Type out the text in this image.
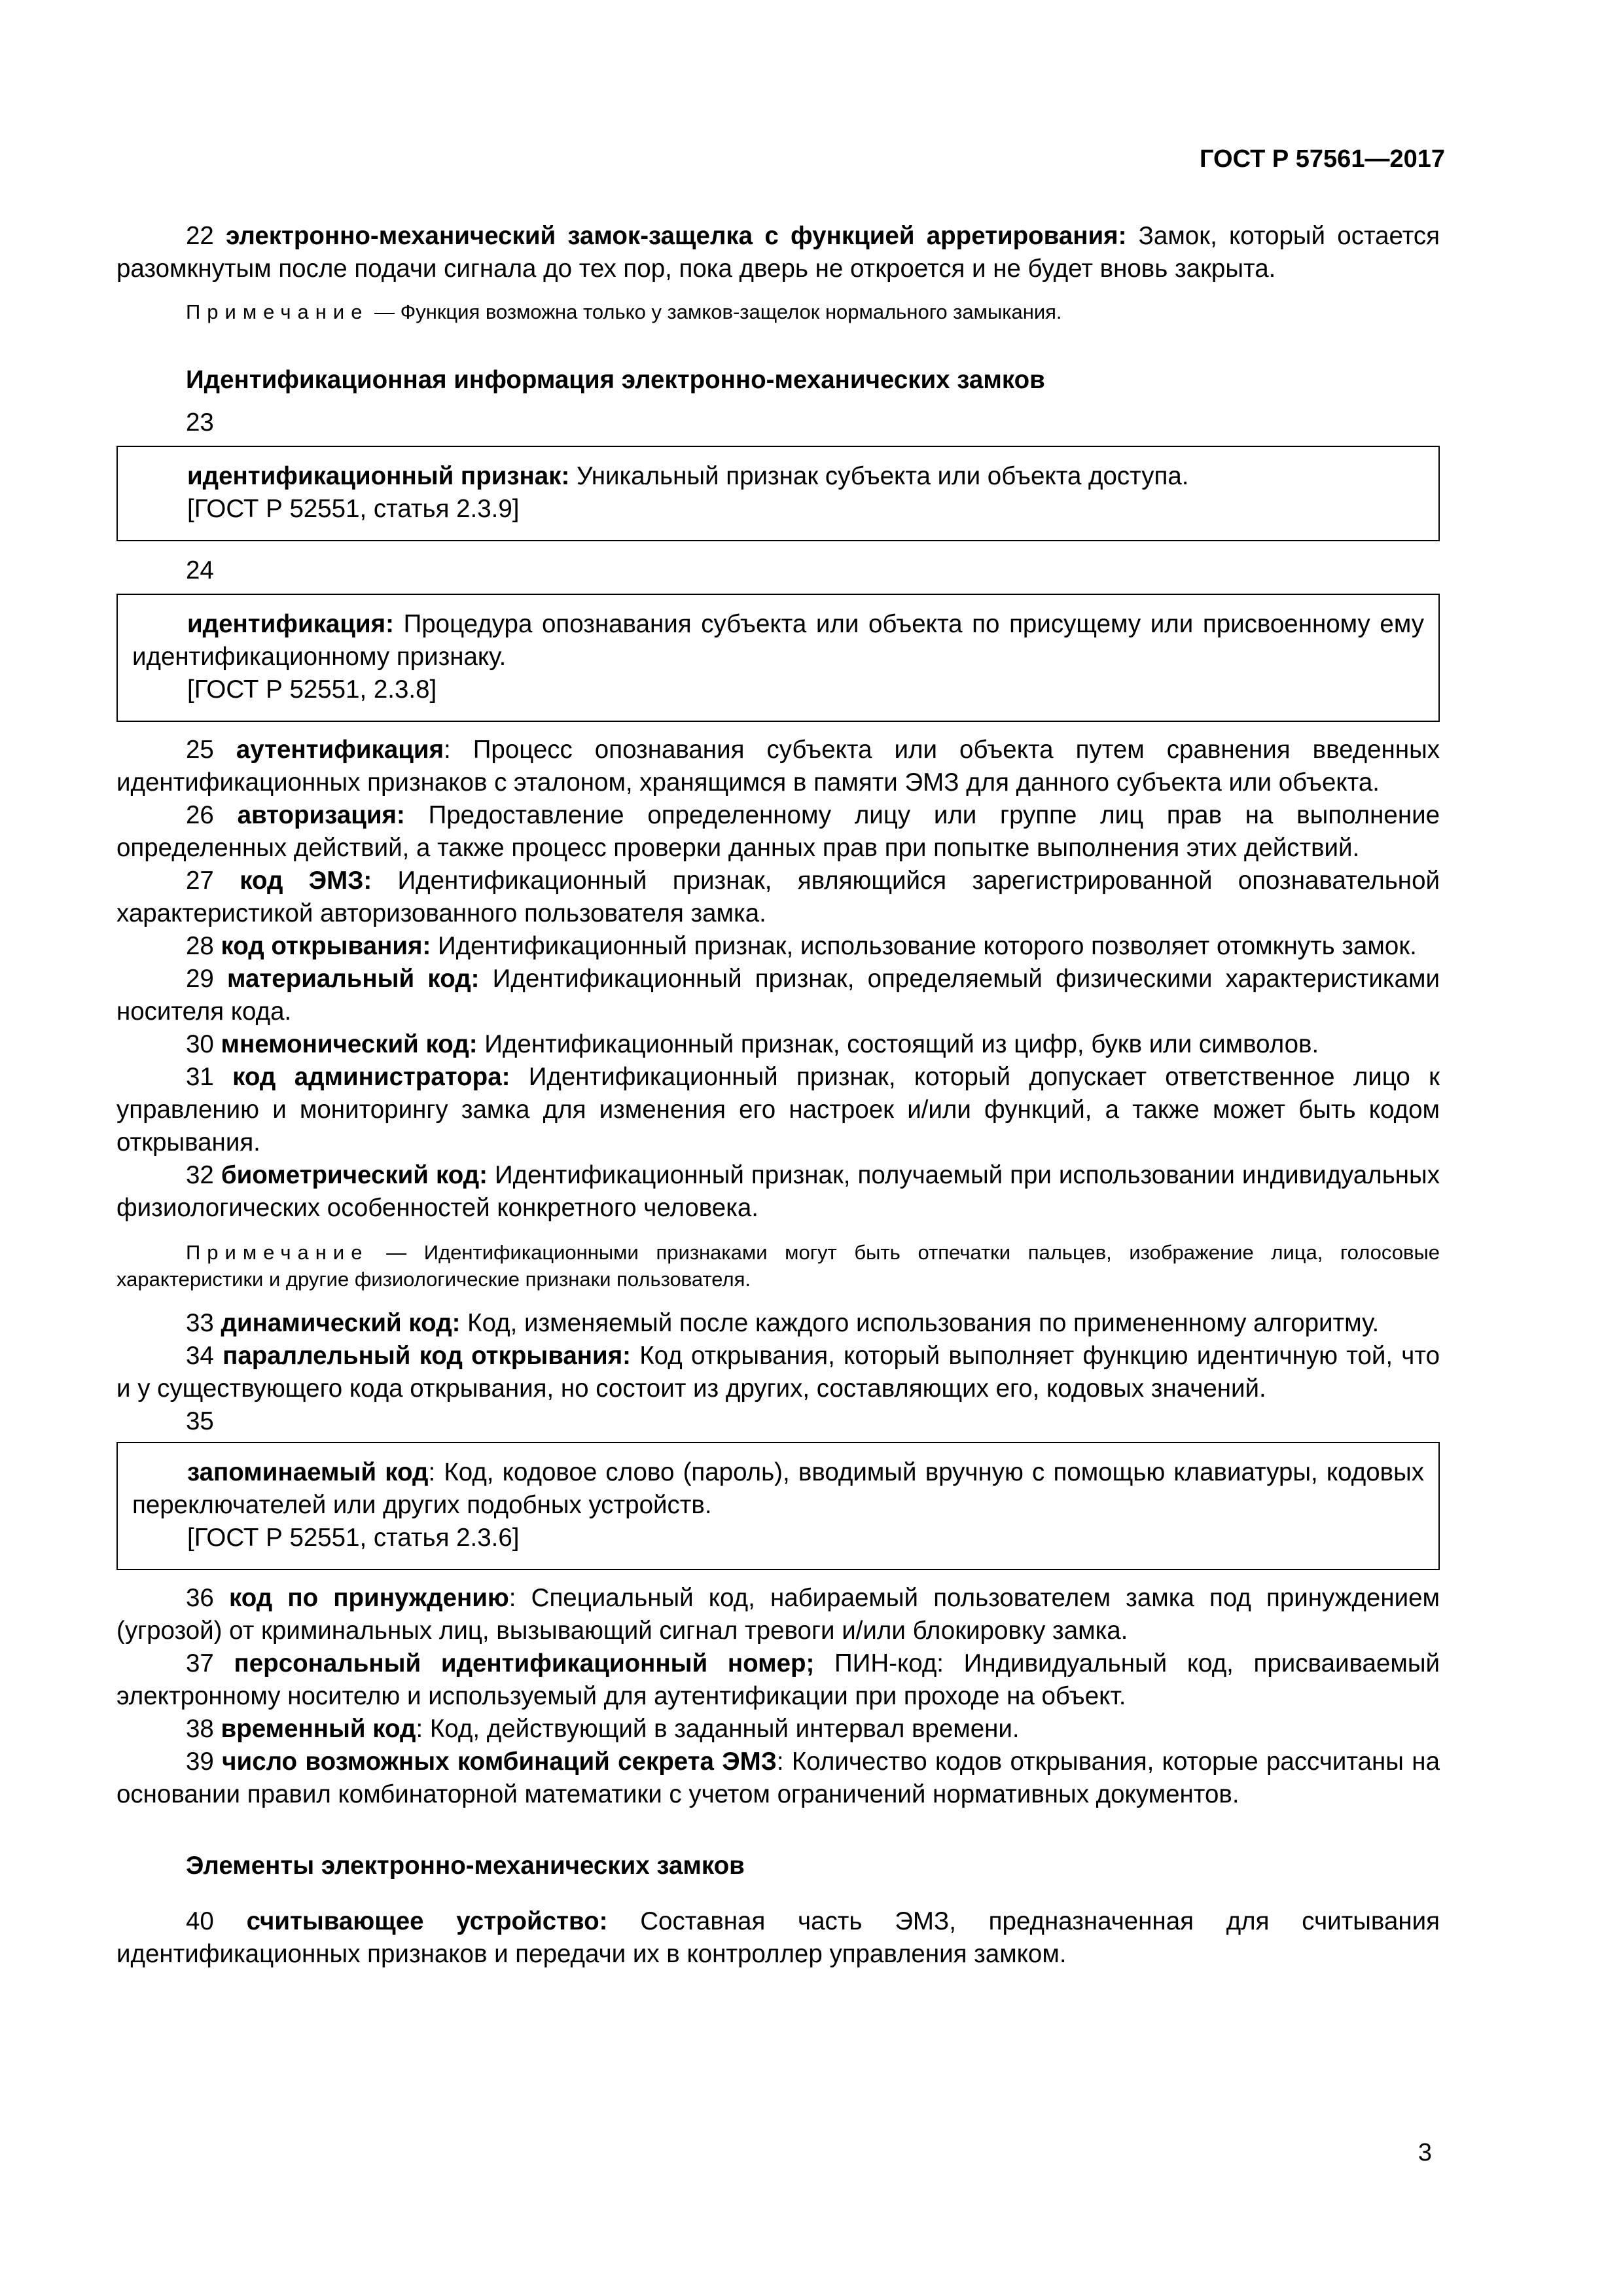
ГОСТ Р 57561—2017

22 электронно-механический замок-защелка с функцией арретирования: Замок, который остается разомкнутым после подачи сигнала до тех пор, пока дверь не откроется и не будет вновь закрыта.

Примечание — Функция возможна только у замков-защелок нормального замыкания.

Идентификационная информация электронно-механических замков

23

идентификационный признак: Уникальный признак субъекта или объекта доступа.

[ГОСТ Р 52551, статья 2.3.9]

24

идентификация: Процедура опознавания субъекта или объекта по присущему или присвоенному ему идентификационному признаку.

[ГОСТ Р 52551, 2.3.8]

25 аутентификация: Процесс опознавания субъекта или объекта путем сравнения введенных идентификационных признаков с эталоном, хранящимся в памяти ЭМЗ для данного субъекта или объекта.

26 авторизация: Предоставление определенному лицу или группе лиц прав на выполнение определенных действий, а также процесс проверки данных прав при попытке выполнения этих действий.

27 код ЭМЗ: Идентификационный признак, являющийся зарегистрированной опознавательной характеристикой авторизованного пользователя замка.

28 код открывания: Идентификационный признак, использование которого позволяет отомкнуть замок.

29 материальный код: Идентификационный признак, определяемый физическими характеристиками носителя кода.

30 мнемонический код: Идентификационный признак, состоящий из цифр, букв или символов.

31 код администратора: Идентификационный признак, который допускает ответственное лицо к управлению и мониторингу замка для изменения его настроек и/или функций, а также может быть кодом открывания.

32 биометрический код: Идентификационный признак, получаемый при использовании индивидуальных физиологических особенностей конкретного человека.

Примечание — Идентификационными признаками могут быть отпечатки пальцев, изображение лица, голосовые характеристики и другие физиологические признаки пользователя.

33 динамический код: Код, изменяемый после каждого использования по примененному алгоритму.

34 параллельный код открывания: Код открывания, который выполняет функцию идентичную той, что и у существующего кода открывания, но состоит из других, составляющих его, кодовых значений.

35

запоминаемый код: Код, кодовое слово (пароль), вводимый вручную с помощью клавиатуры, кодовых переключателей или других подобных устройств.

[ГОСТ Р 52551, статья 2.3.6]

36 код по принуждению: Специальный код, набираемый пользователем замка под принуждением (угрозой) от криминальных лиц, вызывающий сигнал тревоги и/или блокировку замка.

37 персональный идентификационный номер; ПИН-код: Индивидуальный код, присваиваемый электронному носителю и используемый для аутентификации при проходе на объект.

38 временный код: Код, действующий в заданный интервал времени.

39 число возможных комбинаций секрета ЭМЗ: Количество кодов открывания, которые рассчитаны на основании правил комбинаторной математики с учетом ограничений нормативных документов.

Элементы электронно-механических замков

40 считывающее устройство: Составная часть ЭМЗ, предназначенная для считывания идентификационных признаков и передачи их в контроллер управления замком.

3
